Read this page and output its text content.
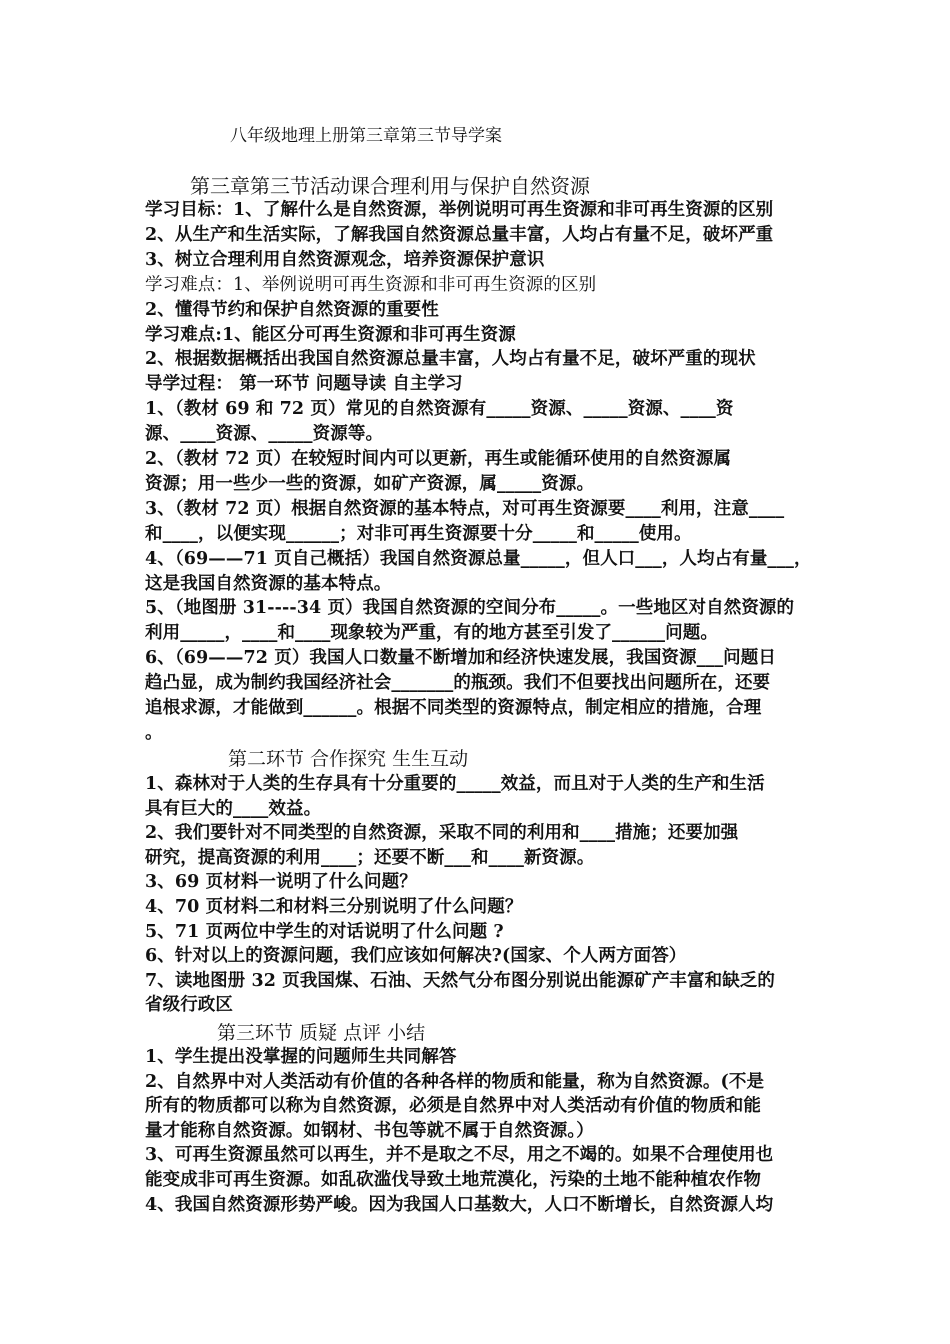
八年级地理上册第三章第三节导学案
第三章第三节活动课合理利用与保护自然资源
学习目标：1、了解什么是自然资源，举例说明可再生资源和非可再生资源的区别
2、从生产和生活实际，了解我国自然资源总量丰富，人均占有量不足，破坏严重
3、树立合理利用自然资源观念，培养资源保护意识
学习难点：1、举例说明可再生资源和非可再生资源的区别
2、懂得节约和保护自然资源的重要性
学习难点:1、能区分可再生资源和非可再生资源
2、根据数据概括出我国自然资源总量丰富，人均占有量不足，破坏严重的现状
导学过程： 第一环节 问题导读 自主学习
1、（教材 69 和 72 页）常见的自然资源有_____资源、_____资源、____资
源、____资源、_____资源等。
2、（教材 72 页）在较短时间内可以更新，再生或能循环使用的自然资源属
资源；用一些少一些的资源，如矿产资源，属_____资源。
3、（教材 72 页）根据自然资源的基本特点，对可再生资源要____利用，注意____
和____，以便实现______；对非可再生资源要十分_____和_____使用。
4、（69——71 页自己概括）我国自然资源总量_____，但人口___，人均占有量___，
这是我国自然资源的基本特点。
5、（地图册 31----34 页）我国自然资源的空间分布_____。一些地区对自然资源的
利用_____，____和____现象较为严重，有的地方甚至引发了______问题。
6、（69——72 页）我国人口数量不断增加和经济快速发展，我国资源___问题日
趋凸显，成为制约我国经济社会_______的瓶颈。我们不但要找出问题所在，还要
追根求源，才能做到______。根据不同类型的资源特点，制定相应的措施，合理
。
第二环节 合作探究 生生互动
1、森林对于人类的生存具有十分重要的_____效益，而且对于人类的生产和生活
具有巨大的____效益。
2、我们要针对不同类型的自然资源，采取不同的利用和____措施；还要加强
研究，提高资源的利用____；还要不断___和____新资源。
3、69 页材料一说明了什么问题？
4、70 页材料二和材料三分别说明了什么问题？
5、71 页两位中学生的对话说明了什么问题 ?
6、针对以上的资源问题，我们应该如何解决?(国家、个人两方面答）
7、读地图册 32 页我国煤、石油、天然气分布图分别说出能源矿产丰富和缺乏的
省级行政区
第三环节 质疑 点评 小结
1、学生提出没掌握的问题师生共同解答
2、自然界中对人类活动有价值的各种各样的物质和能量，称为自然资源。(不是
所有的物质都可以称为自然资源，必须是自然界中对人类活动有价值的物质和能
量才能称自然资源。如钢材、书包等就不属于自然资源。）
3、可再生资源虽然可以再生，并不是取之不尽，用之不竭的。如果不合理使用也
能变成非可再生资源。如乱砍滥伐导致土地荒漠化，污染的土地不能种植农作物
4、我国自然资源形势严峻。因为我国人口基数大，人口不断增长，自然资源人均
